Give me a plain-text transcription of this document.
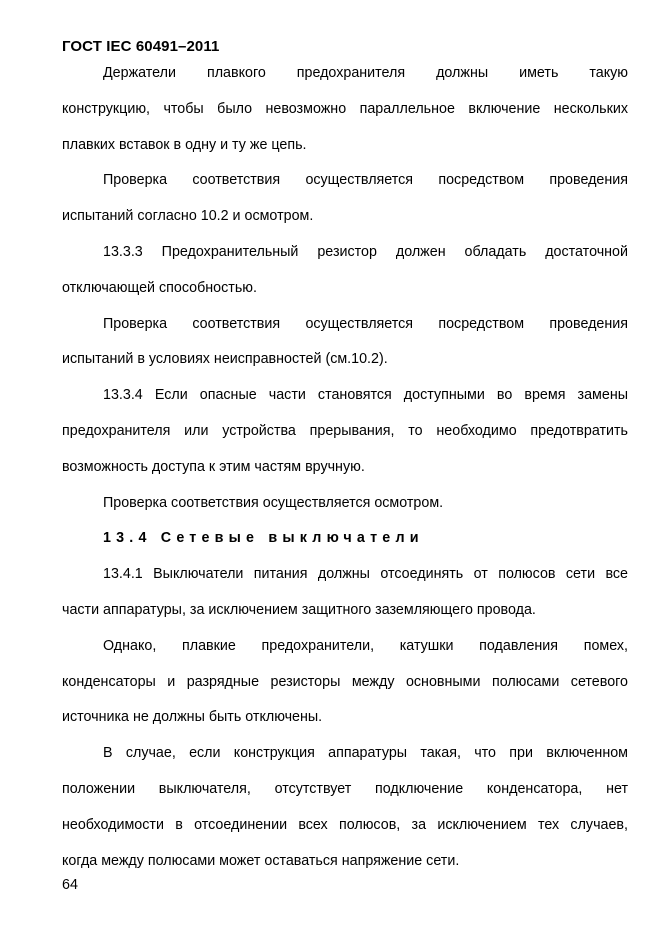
ГОСТ IEC 60491–2011

Держатели плавкого предохранителя должны иметь такую

конструкцию, чтобы было невозможно параллельное включение нескольких

плавких вставок в одну и ту же цепь.

Проверка соответствия осуществляется посредством проведения

испытаний согласно 10.2 и осмотром.

13.3.3 Предохранительный резистор должен обладать достаточной

отключающей способностью.

Проверка соответствия осуществляется посредством проведения

испытаний в условиях неисправностей (см.10.2).

13.3.4 Если опасные части становятся доступными во время замены

предохранителя или устройства прерывания, то необходимо предотвратить

возможность доступа к этим частям вручную.

Проверка соответствия осуществляется осмотром.

13.4 Сетевые выключатели

13.4.1 Выключатели питания должны отсоединять от полюсов сети все

части аппаратуры, за исключением защитного заземляющего провода.

Однако, плавкие предохранители, катушки подавления помех,

конденсаторы и разрядные резисторы между основными полюсами сетевого

источника не должны быть отключены.

В случае, если конструкция аппаратуры такая, что при включенном

положении выключателя, отсутствует подключение конденсатора, нет

необходимости в отсоединении всех полюсов, за исключением тех случаев,

когда между полюсами может оставаться напряжение сети.

64
